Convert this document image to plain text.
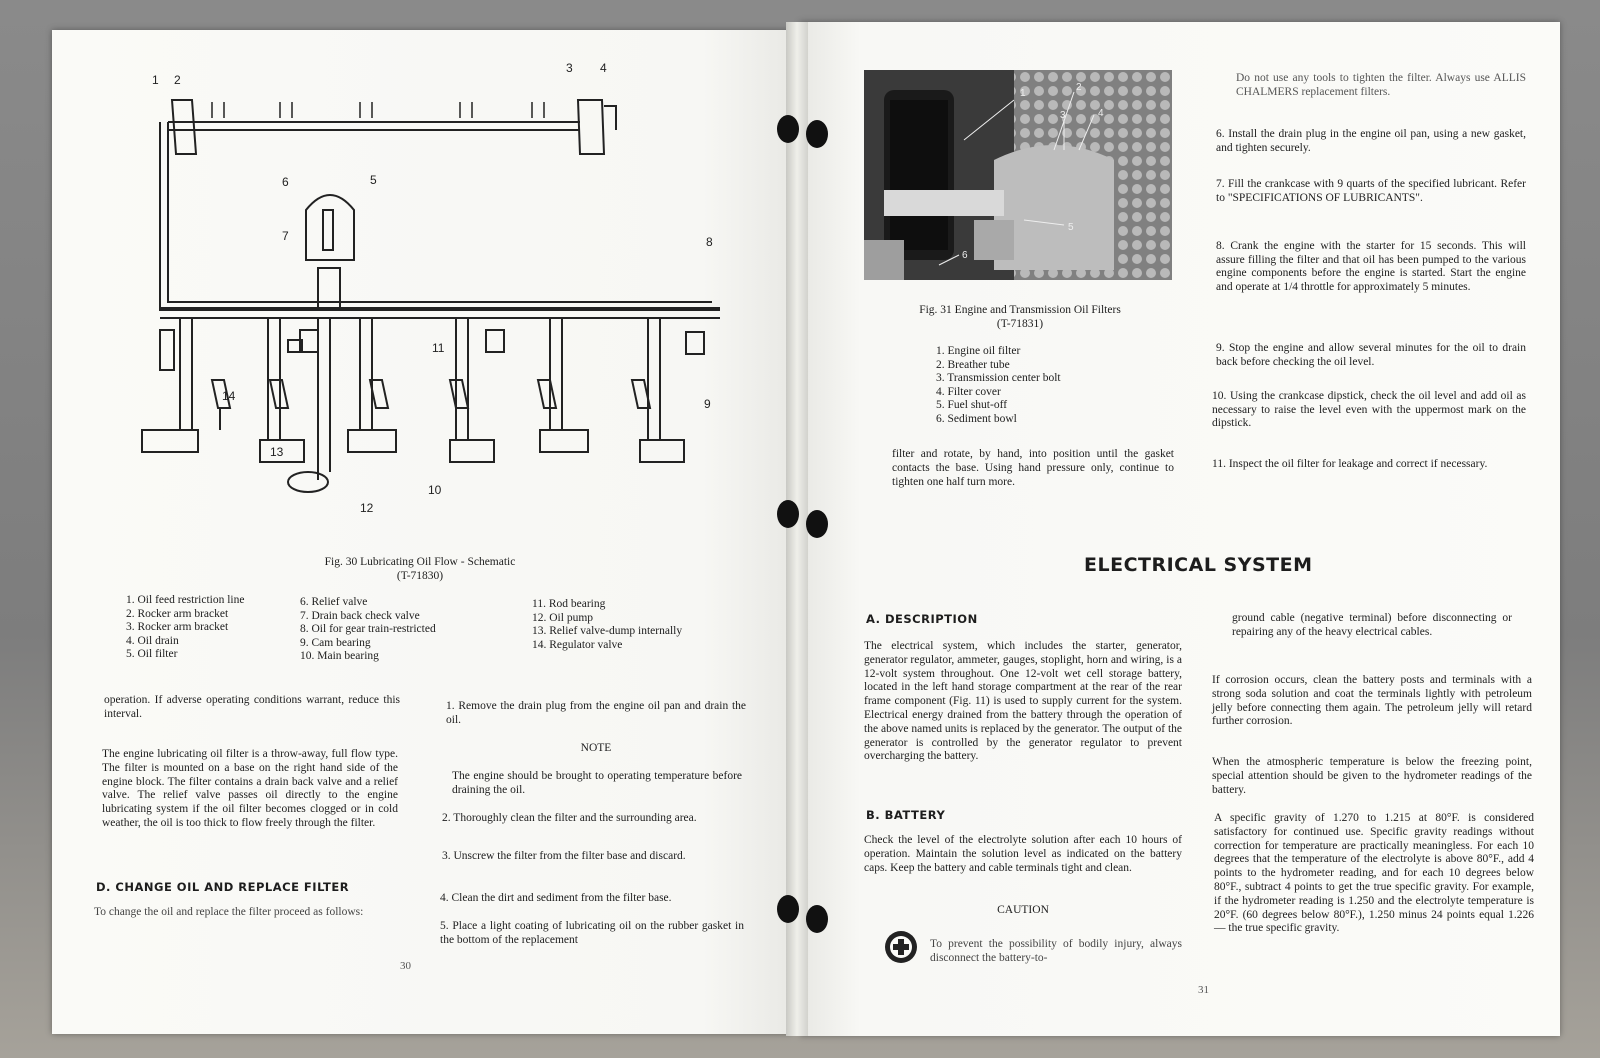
1 2
3 4
5
6
7	8
9
10
11
12
13
14
Fig. 30 Lubricating Oil Flow - Schematic
(T-71830)
1. Oil feed restriction line
2. Rocker arm bracket
3. Rocker arm bracket
4. Oil drain
5. Oil filter
6. Relief valve
7. Drain back check valve
8. Oil for gear train-restricted
9. Cam bearing
10. Main bearing
11. Rod bearing
12. Oil pump
13. Relief valve-dump internally
14. Regulator valve
operation. If adverse operating conditions warrant, reduce this interval.
The engine lubricating oil filter is a throw-away, full flow type. The filter is mounted on a base on the right hand side of the engine block. The filter contains a drain back valve and a relief valve. The relief valve passes oil directly to the engine lubricating system if the oil filter becomes clogged or in cold weather, the oil is too thick to flow freely through the filter.
D. CHANGE OIL AND REPLACE FILTER
To change the oil and replace the filter proceed as follows:
1. Remove the drain plug from the engine oil pan and drain the oil.
NOTE
The engine should be brought to operating temperature before draining the oil.
2. Thoroughly clean the filter and the surrounding area.
3. Unscrew the filter from the filter base and discard.
4. Clean the dirt and sediment from the filter base.
5. Place a light coating of lubricating oil on the rubber gasket in the bottom of the replacement
30
1
2
3	4
5
6
Fig. 31 Engine and Transmission Oil Filters
(T-71831)
1. Engine oil filter
2. Breather tube
3. Transmission center bolt
4. Filter cover
5. Fuel shut-off
6. Sediment bowl
filter and rotate, by hand, into position until the gasket contacts the base. Using hand pressure only, continue to tighten one half turn more.
Do not use any tools to tighten the filter. Always use ALLIS CHALMERS replacement filters.
6. Install the drain plug in the engine oil pan, using a new gasket, and tighten securely.
7. Fill the crankcase with 9 quarts of the specified lubricant. Refer to "SPECIFICATIONS OF LUBRICANTS".
8. Crank the engine with the starter for 15 seconds. This will assure filling the filter and that oil has been pumped to the various engine components before the engine is started. Start the engine and operate at 1/4 throttle for approximately 5 minutes.
9. Stop the engine and allow several minutes for the oil to drain back before checking the oil level.
10. Using the crankcase dipstick, check the oil level and add oil as necessary to raise the level even with the uppermost mark on the dipstick.
11. Inspect the oil filter for leakage and correct if necessary.
ELECTRICAL SYSTEM
A. DESCRIPTION
The electrical system, which includes the starter, generator, generator regulator, ammeter, gauges, stoplight, horn and wiring, is a 12-volt system throughout. One 12-volt wet cell storage battery, located in the left hand storage compartment at the rear of the rear frame component (Fig. 11) is used to supply current for the system. Electrical energy drained from the battery through the operation of the above named units is replaced by the generator. The output of the generator is controlled by the generator regulator to prevent overcharging the battery.
B. BATTERY
Check the level of the electrolyte solution after each 10 hours of operation. Maintain the solution level as indicated on the battery caps. Keep the battery and cable terminals tight and clean.
CAUTION
To prevent the possibility of bodily injury, always disconnect the battery-to-
ground cable (negative terminal) before disconnecting or repairing any of the heavy electrical cables.
If corrosion occurs, clean the battery posts and terminals with a strong soda solution and coat the terminals lightly with petroleum jelly before connecting them again. The petroleum jelly will retard further corrosion.
When the atmospheric temperature is below the freezing point, special attention should be given to the hydrometer readings of the battery.
A specific gravity of 1.270 to 1.215 at 80°F. is considered satisfactory for continued use. Specific gravity readings without correction for temperature are practically meaningless. For each 10 degrees that the temperature of the electrolyte is above 80°F., add 4 points to the hydrometer reading, and for each 10 degrees below 80°F., subtract 4 points to get the true specific gravity. For example, if the hydrometer reading is 1.250 and the electrolyte temperature is 20°F. (60 degrees below 80°F.), 1.250 minus 24 points equal 1.226 — the true specific gravity.
31
